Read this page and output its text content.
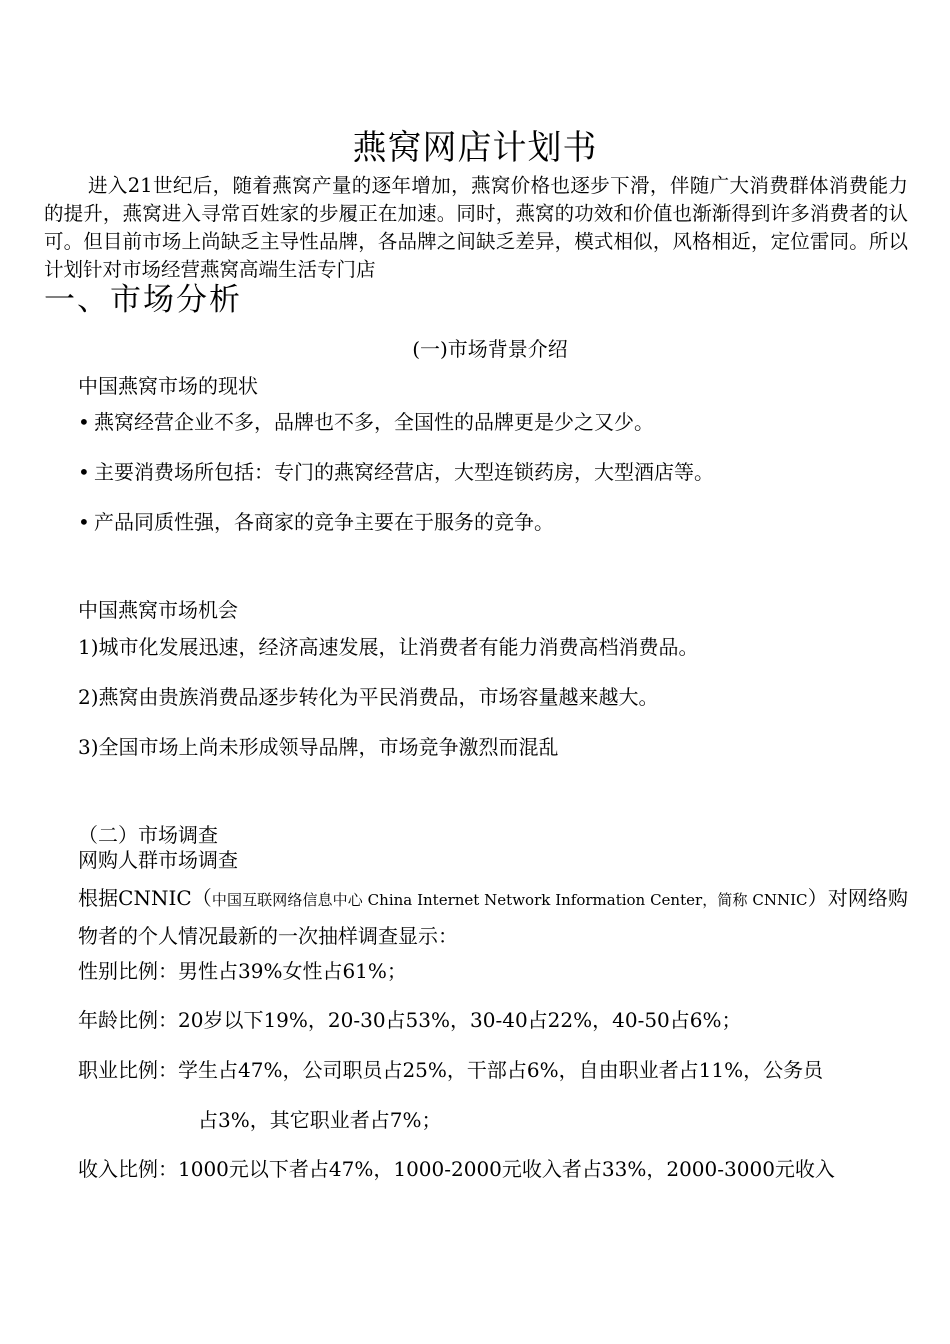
燕窝网店计划书
进入21世纪后，随着燕窝产量的逐年增加，燕窝价格也逐步下滑，伴随广大消费群体消费能力的提升，燕窝进入寻常百姓家的步履正在加速。同时，燕窝的功效和价值也渐渐得到许多消费者的认可。但目前市场上尚缺乏主导性品牌，各品牌之间缺乏差异，模式相似，风格相近，定位雷同。所以计划针对市场经营燕窝高端生活专门店
一、市场分析
(一)市场背景介绍
中国燕窝市场的现状
• 燕窝经营企业不多，品牌也不多，全国性的品牌更是少之又少。
• 主要消费场所包括：专门的燕窝经营店，大型连锁药房，大型酒店等。
• 产品同质性强，各商家的竞争主要在于服务的竞争。
中国燕窝市场机会
1)城市化发展迅速，经济高速发展，让消费者有能力消费高档消费品。
2)燕窝由贵族消费品逐步转化为平民消费品，市场容量越来越大。
3)全国市场上尚未形成领导品牌，市场竞争激烈而混乱
（二）市场调查
网购人群市场调查
根据CNNIC（中国互联网络信息中心 China Internet Network Information Center，简称 CNNIC）对网络购物者的个人情况最新的一次抽样调查显示：
性别比例：男性占39%女性占61%；
年龄比例：20岁以下19%，20-30占53%，30-40占22%，40-50占6%；
职业比例：学生占47%，公司职员占25%，干部占6%，自由职业者占11%，公务员
占3%，其它职业者占7%；
收入比例：1000元以下者占47%，1000-2000元收入者占33%，2000-3000元收入
